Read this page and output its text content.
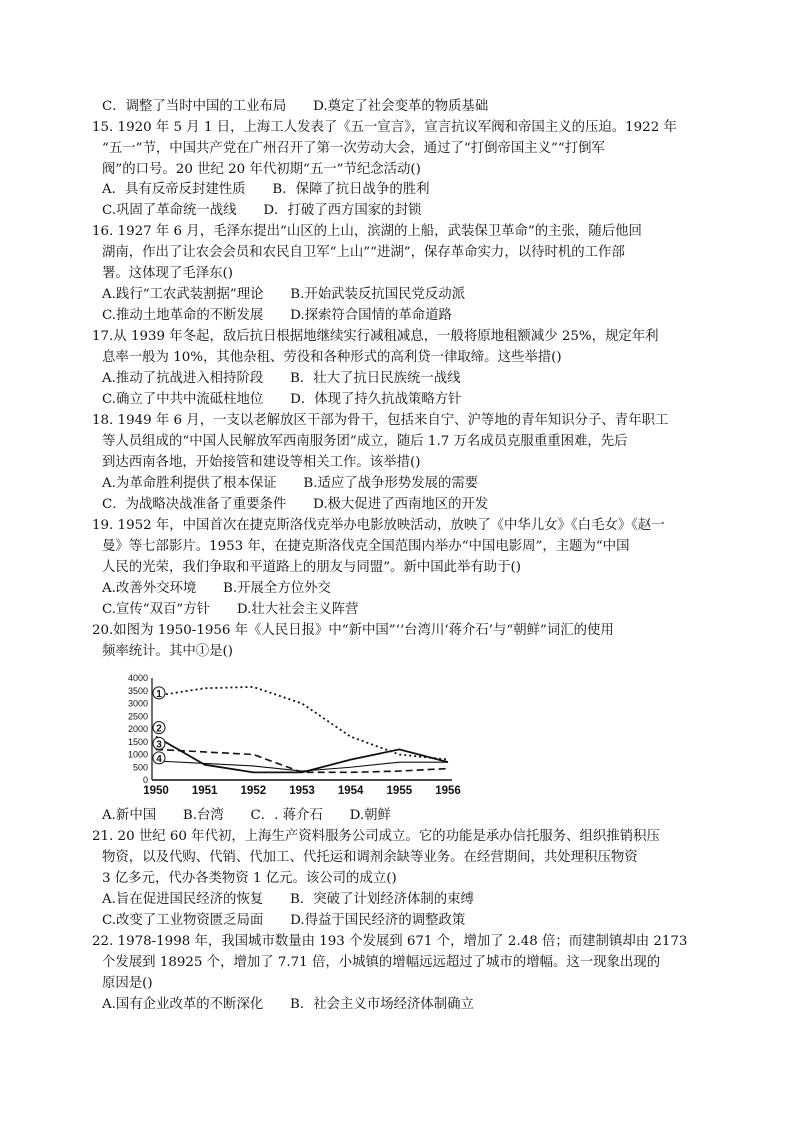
C．调整了当时中国的工业布局　　D.奠定了社会变革的物质基础
15. 1920 年 5 月 1 日，上海工人发表了《五一宣言》，宣言抗议军阀和帝国主义的压迫。1922 年
“五一”节，中国共产党在广州召开了第一次劳动大会，通过了“打倒帝国主义”“打倒军
阀”的口号。20 世纪 20 年代初期“五一”节纪念活动()
A．具有反帝反封建性质　　B．保障了抗日战争的胜利
C.巩固了革命统一战线　　D．打破了西方国家的封锁
16. 1927 年 6 月，毛泽东提出“山区的上山，滨湖的上船，武装保卫革命”的主张，随后他回
湖南，作出了让农会会员和农民自卫军“上山”“进湖”，保存革命实力，以待时机的工作部
署。这体现了毛泽东()
A.践行“工农武装割据”理论　　B.开始武装反抗国民党反动派
C.推动土地革命的不断发展　　D.探索符合国情的革命道路
17.从 1939 年冬起，敌后抗日根据地继续实行减租减息，一般将原地租额减少 25%，规定年利
息率一般为 10%，其他杂租、劳役和各种形式的高利贷一律取缔。这些举措()
A.推动了抗战进入相持阶段　　B．壮大了抗日民族统一战线
C.确立了中共中流砥柱地位　　D．体现了持久抗战策略方针
18. 1949 年 6 月，一支以老解放区干部为骨干，包括来自宁、沪等地的青年知识分子、青年职工
等人员组成的“中国人民解放军西南服务团”成立，随后 1.7 万名成员克服重重困难，先后
到达西南各地，开始接管和建设等相关工作。该举措()
A.为革命胜利提供了根本保证　　B.适应了战争形势发展的需要
C．为战略决战准备了重要条件　　D.极大促进了西南地区的开发
19. 1952 年，中国首次在捷克斯洛伐克举办电影放映活动，放映了《中华儿女》《白毛女》《赵一
曼》等七部影片。1953 年，在捷克斯洛伐克全国范围内举办“中国电影周”，主题为“中国
人民的光荣，我们争取和平道路上的朋友与同盟”。新中国此举有助于()
A.改善外交环境　　B.开展全方位外交
C.宣传“双百”方针　　D.壮大社会主义阵营
20.如图为 1950-1956 年《人民日报》中“新中国”‘‘台湾川‘蒋介石’与“朝鲜”词汇的使用
频率统计。其中①是()
A.新中国　　B.台湾　　C．. 蒋介石　　D.朝鲜
21. 20 世纪 60 年代初，上海生产资料服务公司成立。它的功能是承办信托服务、组织推销积压
物资，以及代购、代销、代加工、代托运和调剂余缺等业务。在经营期间，共处理积压物资
3 亿多元，代办各类物资 1 亿元。该公司的成立()
A.旨在促进国民经济的恢复　　B．突破了计划经济体制的束缚
C.改变了工业物资匮乏局面　　D.得益于国民经济的调整政策
22. 1978-1998 年，我国城市数量由 193 个发展到 671 个，增加了 2.48 倍；而建制镇却由 2173
个发展到 18925 个，增加了 7.71 倍，小城镇的增幅远远超过了城市的增幅。这一现象出现的
原因是()
A.国有企业改革的不断深化　　B．社会主义市场经济体制确立
0
500
1000
1500
2000
2500
3000
3500
4000
1950 1951 1952 1953 1954 1955 1956
1
2
3
4
